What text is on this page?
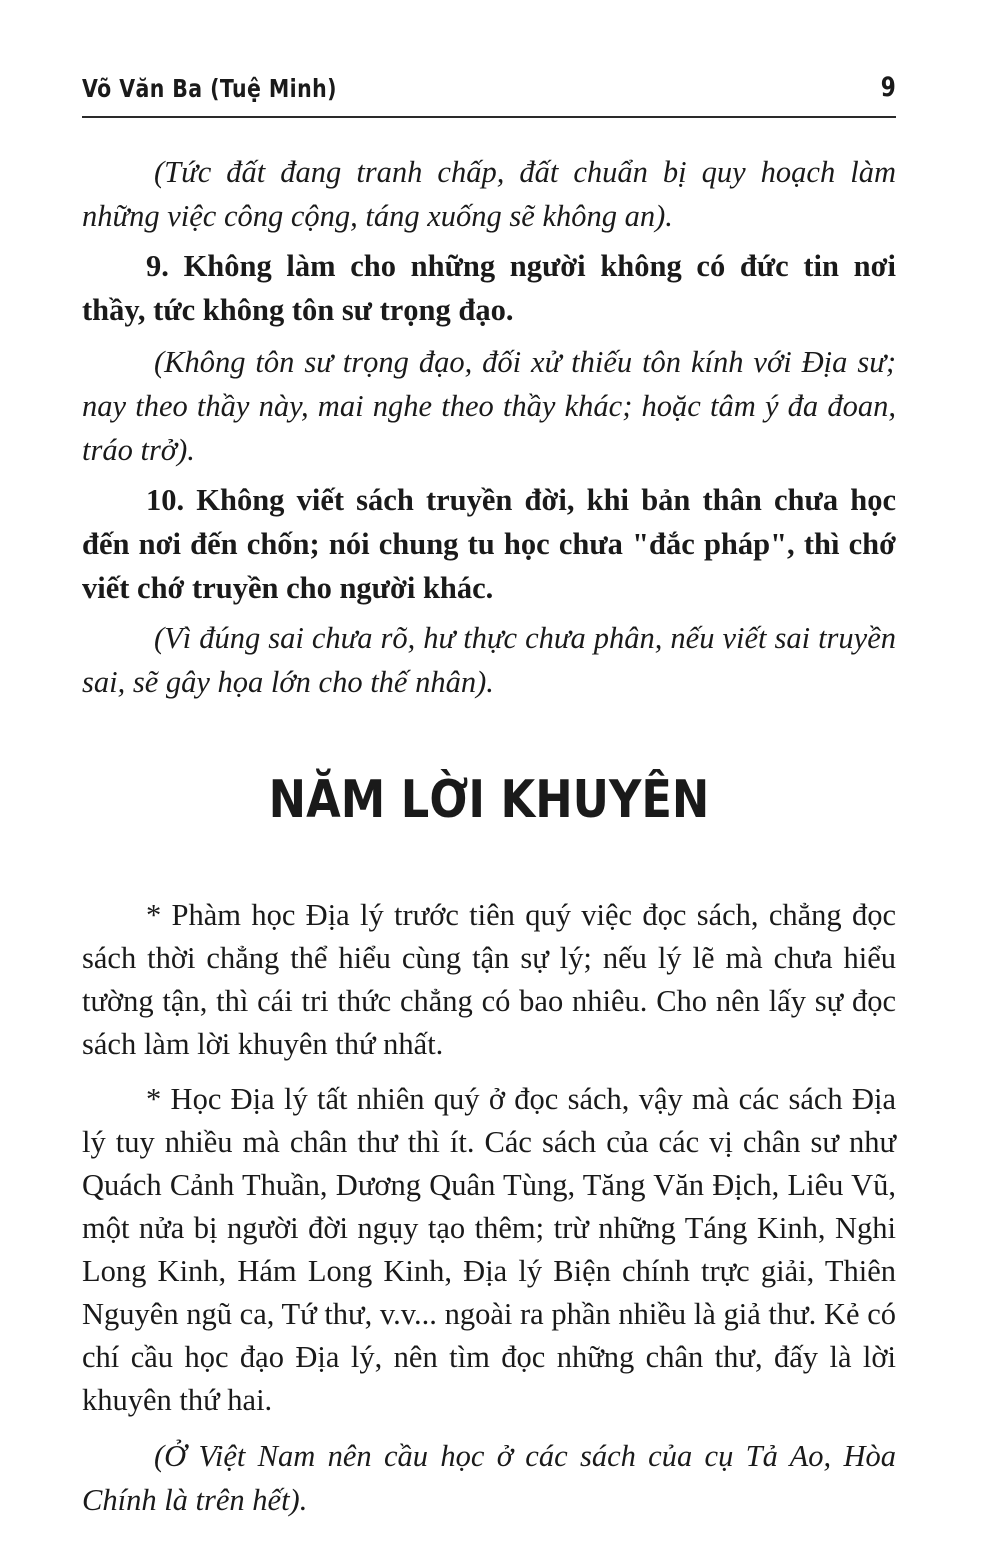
Võ Văn Ba (Tuệ Minh)	9

(Tức đất đang tranh chấp, đất chuẩn bị quy hoạch làm những việc công cộng, táng xuống sẽ không an).

9. Không làm cho những người không có đức tin nơi thầy, tức không tôn sư trọng đạo.

(Không tôn sư trọng đạo, đối xử thiếu tôn kính với Địa sư; nay theo thầy này, mai nghe theo thầy khác; hoặc tâm ý đa đoan, tráo trở).

10. Không viết sách truyền đời, khi bản thân chưa học đến nơi đến chốn; nói chung tu học chưa "đắc pháp", thì chớ viết chớ truyền cho người khác.

(Vì đúng sai chưa rõ, hư thực chưa phân, nếu viết sai truyền sai, sẽ gây họa lớn cho thế nhân).

NĂM LỜI KHUYÊN

* Phàm học Địa lý trước tiên quý việc đọc sách, chẳng đọc sách thời chẳng thể hiểu cùng tận sự lý; nếu lý lẽ mà chưa hiểu tường tận, thì cái tri thức chẳng có bao nhiêu. Cho nên lấy sự đọc sách làm lời khuyên thứ nhất.

* Học Địa lý tất nhiên quý ở đọc sách, vậy mà các sách Địa lý tuy nhiều mà chân thư thì ít. Các sách của các vị chân sư như Quách Cảnh Thuần, Dương Quân Tùng, Tăng Văn Địch, Liêu Vũ, một nửa bị người đời ngụy tạo thêm; trừ những Táng Kinh, Nghi Long Kinh, Hám Long Kinh, Địa lý Biện chính trực giải, Thiên Nguyên ngũ ca, Tứ thư, v.v... ngoài ra phần nhiều là giả thư. Kẻ có chí cầu học đạo Địa lý, nên tìm đọc những chân thư, đấy là lời khuyên thứ hai.

(Ở Việt Nam nên cầu học ở các sách của cụ Tả Ao, Hòa Chính là trên hết).
